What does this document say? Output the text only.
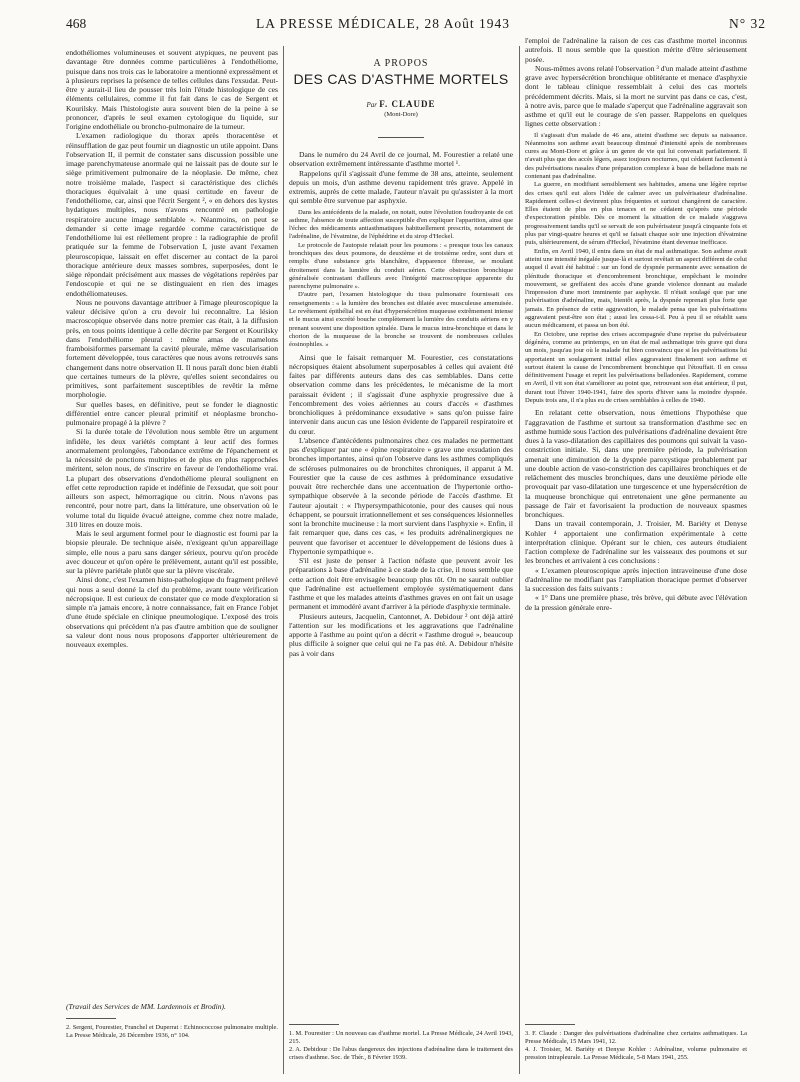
468	LA PRESSE MÉDICALE, 28 Août 1943	N° 32

endothéliomes volumineuses et souvent atypiques, ne peuvent pas davantage être données comme particulières à l'endothéliome, puisque dans nos trois cas le laboratoire a mentionné expressément et à plusieurs reprises la présence de telles cellules dans l'exsudat. Peut-être y aurait-il lieu de pousser très loin l'étude histologique de ces éléments cellulaires, comme il fut fait dans le cas de Sergent et Kourilsky. Mais l'histologiste aura souvent bien de la peine à se prononcer, d'après le seul examen cytologique du liquide, sur l'origine endothéliale ou broncho-pulmonaire de la tumeur.

L'examen radiologique du thorax après thoracentèse et réinsufflation de gaz peut fournir un diagnostic un utile appoint. Dans l'observation II, il permit de constater sans discussion possible une image parenchymateuse anormale qui ne laissait pas de doute sur le siège primitivement pulmonaire de la néoplasie. De même, chez notre troisième malade, l'aspect si caractéristique des clichés thoraciques équivalait à une quasi certitude en faveur de l'endothéliome, car, ainsi que l'écrit Sergent ², « en dehors des kystes hydatiques multiples, nous n'avons rencontré en pathologie respiratoire aucune image semblable ». Néanmoins, on peut se demander si cette image regardée comme caractéristique de l'endothéliome lui est réellement propre : la radiographie de profil pratiquée sur la femme de l'observation I, juste avant l'examen pleuroscopique, laissait en effet discerner au contact de la paroi thoracique antérieure deux masses sombres, superposées, dont le siège répondait précisément aux masses de végétations repérées par l'endoscopie et qui ne se distinguaient en rien des images endothéliomateuses.

Nous ne pouvons davantage attribuer à l'image pleuroscopique la valeur décisive qu'on a cru devoir lui reconnaître. La lésion macroscopique observée dans notre premier cas était, à la diffusion près, en tous points identique à celle décrite par Sergent et Kourilsky dans l'endothéliome pleural : même amas de mamelons framboisiformes parsemant la cavité pleurale, même vascularisation fortement développée, tous caractères que nous avons retrouvés sans changement dans notre observation II. Il nous paraît donc bien établi que certaines tumeurs de la plèvre, qu'elles soient secondaires ou primitives, sont parfaitement susceptibles de revêtir la même morphologie.

Sur quelles bases, en définitive, peut se fonder le diagnostic différentiel entre cancer pleural primitif et néoplasme broncho-pulmonaire propagé à la plèvre ?

Si la durée totale de l'évolution nous semble être un argument infidèle, les deux variétés comptant à leur actif des formes anormalement prolongées, l'abondance extrême de l'épanchement et la nécessité de ponctions multiples et de plus en plus rapprochées méritent, selon nous, de s'inscrire en faveur de l'endothéliome vrai. La plupart des observations d'endothéliome pleural soulignent en effet cette reproduction rapide et indéfinie de l'exsudat, que soit pour ailleurs son aspect, hémorragique ou citrin. Nous n'avons pas rencontré, pour notre part, dans la littérature, une observation où le volume total du liquide évacué atteigne, comme chez notre malade, 310 litres en douze mois.

Mais le seul argument formel pour le diagnostic est fourni par la biopsie pleurale. De technique aisée, n'exigeant qu'un appareillage simple, elle nous a paru sans danger sérieux, pourvu qu'on procède avec douceur et qu'on opère le prélèvement, autant qu'il est possible, sur la plèvre pariétale plutôt que sur la plèvre viscérale.

Ainsi donc, c'est l'examen histo-pathologique du fragment prélevé qui nous a seul donné la clef du problème, avant toute vérification nécropsique. Il est curieux de constater que ce mode d'exploration si simple n'a jamais encore, à notre connaissance, fait en France l'objet d'une étude spéciale en clinique pneumologique. L'exposé des trois observations qui précèdent n'a pas d'autre ambition que de souligner sa valeur dont nous nous proposons d'apporter ultérieurement de nouveaux exemples.

(Travail des Services de MM. Lardennois et Brodin).

2. Sergent, Fourestier, Franchel et Duperrat : Echinococcose pulmonaire multiple. La Presse Médicale, 26 Décembre 1936, n° 104.

A PROPOS
DES CAS D'ASTHME MORTELS
Par F. CLAUDE
(Mont-Dore)

Dans le numéro du 24 Avril de ce journal, M. Fourestier a relaté une observation extrêmement intéressante d'asthme mortel ¹.

Rappelons qu'il s'agissait d'une femme de 38 ans, atteinte, seulement depuis un mois, d'un asthme devenu rapidement très grave. Appelé in extremis, auprès de cette malade, l'auteur n'avait pu qu'assister à la mort qui semble être survenue par asphyxie.

Dans les antécédents de la malade, on notait, outre l'évolution foudroyante de cet asthme, l'absence de toute affection susceptible d'en expliquer l'apparition, ainsi que l'échec des médicaments antiasthmatiques habituellement prescrits, notamment de l'adrénaline, de l'évatmine, de l'éphédrine et du sirop d'Heckel.

Le protocole de l'autopsie relatait pour les poumons : « presque tous les canaux bronchiques des deux poumons, de deuxième et de troisième ordre, sont durs et remplis d'une substance gris blanchâtre, d'apparence fibreuse, se moulant étroitement dans la lumière du conduit aérien. Cette obstruction bronchique généralisée contrastant d'ailleurs avec l'intégrité macroscopique apparente du parenchyme pulmonaire ».

D'autre part, l'examen histologique du tissu pulmonaire fournissait ces renseignements : « la lumière des bronches est dilatée avec musculeuse amenuisée. Le revêtement épithélial est en état d'hypersécrétion muqueuse extrêmement intense et le mucus ainsi excrété bouche complètement la lumière des conduits aériens en y prenant souvent une disposition spiralée. Dans le mucus intra-bronchique et dans le chorion de la muqueuse de la bronche se trouvent de nombreuses cellules éosinophiles. »

Ainsi que le faisait remarquer M. Fourestier, ces constatations nécropsiques étaient absolument superposables à celles qui avaient été faites par différents auteurs dans des cas semblables. Dans cette observation comme dans les précédentes, le mécanisme de la mort paraissait évident ; il s'agissait d'une asphyxie progressive due à l'encombrement des voies aériennes au cours d'accès « d'asthmes bronchioliques à prédominance exsudative » sans qu'on puisse faire intervenir dans aucun cas une lésion évidente de l'appareil respiratoire et du cœur.

L'absence d'antécédents pulmonaires chez ces malades ne permettant pas d'expliquer par une « épine respiratoire » grave une exsudation des bronches importantes, ainsi qu'on l'observe dans les asthmes compliqués de scléroses pulmonaires ou de bronchites chroniques, il apparut à M. Fourestier que la cause de ces asthmes à prédominance exsudative pouvait être recherchée dans une accentuation de l'hypertonie ortho-sympathique observée à la seconde période de l'accès d'asthme. Et l'auteur ajoutait : « l'hypersympathicotonie, pour des causes qui nous échappent, se poursuit irrationnellement et ses conséquences lésionnelles sont la bronchite mucineuse : la mort survient dans l'asphyxie ». Enfin, il fait remarquer que, dans ces cas, « les produits adrénalinergiques ne peuvent que favoriser et accentuer le développement de lésions dues à l'hypertonie sympathique ».

S'il est juste de penser à l'action néfaste que peuvent avoir les préparations à base d'adrénaline à ce stade de la crise, il nous semble que cette action doit être envisagée beaucoup plus tôt. On ne saurait oublier que l'adrénaline est actuellement employée systématiquement dans l'asthme et que les malades atteints d'asthmes graves en ont fait un usage permanent et immodéré avant d'arriver à la période d'asphyxie terminale.

Plusieurs auteurs, Jacquelin, Cantonnet, A. Debidour ² ont déjà attiré l'attention sur les modifications et les aggravations que l'adrénaline apporte à l'asthme au point qu'on a décrit « l'asthme drogué », beaucoup plus difficile à soigner que celui qui ne l'a pas été. A. Debidour n'hésite pas à voir dans

1. M. Fourestier : Un nouveau cas d'asthme mortel. La Presse Médicale, 24 Avril 1943, 215.

2. A. Debidour : De l'abus dangereux des injections d'adrénaline dans le traitement des crises d'asthme. Soc. de Thér., 8 Février 1939.

l'emploi de l'adrénaline la raison de ces cas d'asthme mortel inconnus autrefois. Il nous semble que la question mérite d'être sérieusement posée.

Nous-mêmes avons relaté l'observation ³ d'un malade atteint d'asthme grave avec hypersécrétion bronchique oblitérante et menace d'asphyxie dont le tableau clinique ressemblait à celui des cas mortels précédemment décrits. Mais, si la mort ne survint pas dans ce cas, c'est, à notre avis, parce que le malade s'aperçut que l'adrénaline aggravait son asthme et qu'il eut le courage de s'en passer. Rappelons en quelques lignes cette observation :

Il s'agissait d'un malade de 46 ans, atteint d'asthme sec depuis sa naissance. Néanmoins son asthme avait beaucoup diminué d'intensité après de nombreuses cures au Mont-Dore et grâce à un genre de vie qui lui convenait parfaitement. Il n'avait plus que des accès légers, assez toujours nocturnes, qui cédaient facilement à des pulvérisations nasales d'une préparation complexe à base de belladone mais ne contenant pas d'adrénaline.

La guerre, en modifiant sensiblement ses habitudes, amena une légère reprise des crises qu'il eut alors l'idée de calmer avec un pulvérisateur d'adrénaline. Rapidement celles-ci devinrent plus fréquentes et surtout changèrent de caractère. Elles étaient de plus en plus tenaces et ne cédaient qu'après une période d'expectoration pénible. Dès ce moment la situation de ce malade s'aggrava progressivement tandis qu'il se servait de son pulvérisateur jusqu'à cinquante fois et plus par vingt-quatre heures et qu'il se faisait chaque soir une injection d'évatmine puis, ultérieurement, de sérum d'Heckel, l'évatmine étant devenue inefficace.

Enfin, en Avril 1940, il entra dans un état de mal asthmatique. Son asthme avait atteint une intensité inégalée jusque-là et surtout revêtait un aspect différent de celui auquel il avait été habitué : sur un fond de dyspnée permanente avec sensation de plénitude thoracique et d'encombrement bronchique, empêchant le moindre mouvement, se greffaient des accès d'une grande violence donnant au malade l'impression d'une mort imminente par asphyxie. Il n'était soulagé que par une pulvérisation d'adrénaline, mais, bientôt après, la dyspnée reprenait plus forte que jamais. En présence de cette aggravation, le malade pensa que les pulvérisations aggravaient peut-être son état ; aussi les cessa-t-il. Peu à peu il se rétablit sans aucun médicament, et passa un bon été.

En Octobre, une reprise des crises accompagnée d'une reprise du pulvérisateur dégénéra, comme au printemps, en un état de mal asthmatique très grave qui dura un mois, jusqu'au jour où le malade fut bien convaincu que si les pulvérisations lui apportaient un soulagement initial elles aggravaient finalement son asthme et surtout étaient la cause de l'encombrement bronchique qui l'étouffait. Il en cessa définitivement l'usage et reprit les pulvérisations belladonées. Rapidement, comme en Avril, il vit son état s'améliorer au point que, retrouvant son état antérieur, il put, durant tout l'hiver 1940-1941, faire des sports d'hiver sans la moindre dyspnée. Depuis trois ans, il n'a plus eu de crises semblables à celles de 1940.

En relatant cette observation, nous émettions l'hypothèse que l'aggravation de l'asthme et surtout sa transformation d'asthme sec en asthme humide sous l'action des pulvérisations d'adrénaline devaient être dues à la vaso-dilatation des capillaires des poumons qui suivait la vaso-constriction initiale. Si, dans une première période, la pulvérisation amenait une diminution de la dyspnée paroxystique probablement par une double action de vaso-constriction des capillaires bronchiques et de relâchement des muscles bronchiques, dans une deuxième période elle provoquait par vaso-dilatation une turgescence et une hypersécrétion de la muqueuse bronchique qui entretenaient une gêne permanente au passage de l'air et favorisaient la production de nouveaux spasmes bronchiques.

Dans un travail contemporain, J. Troisier, M. Bariéty et Denyse Kohler ⁴ apportaient une confirmation expérimentale à cette interprétation clinique. Opérant sur le chien, ces auteurs étudiaient l'action complexe de l'adrénaline sur les vaisseaux des poumons et sur les bronches et arrivaient à ces conclusions :

« L'examen pleuroscopique après injection intraveineuse d'une dose d'adrénaline ne modifiant pas l'ampliation thoracique permet d'observer la succession des faits suivants :

« 1° Dans une première phase, très brève, qui débute avec l'élévation de la pression générale enre-

3. F. Claude : Danger des pulvérisations d'adrénaline chez certains asthmatiques. La Presse Médicale, 15 Mars 1941, 12.

4. J. Troisier, M. Bariéty et Denyse Kohler : Adrénaline, volume pulmonaire et pression intrapleurale. La Presse Médicale, 5-8 Mars 1941, 255.
